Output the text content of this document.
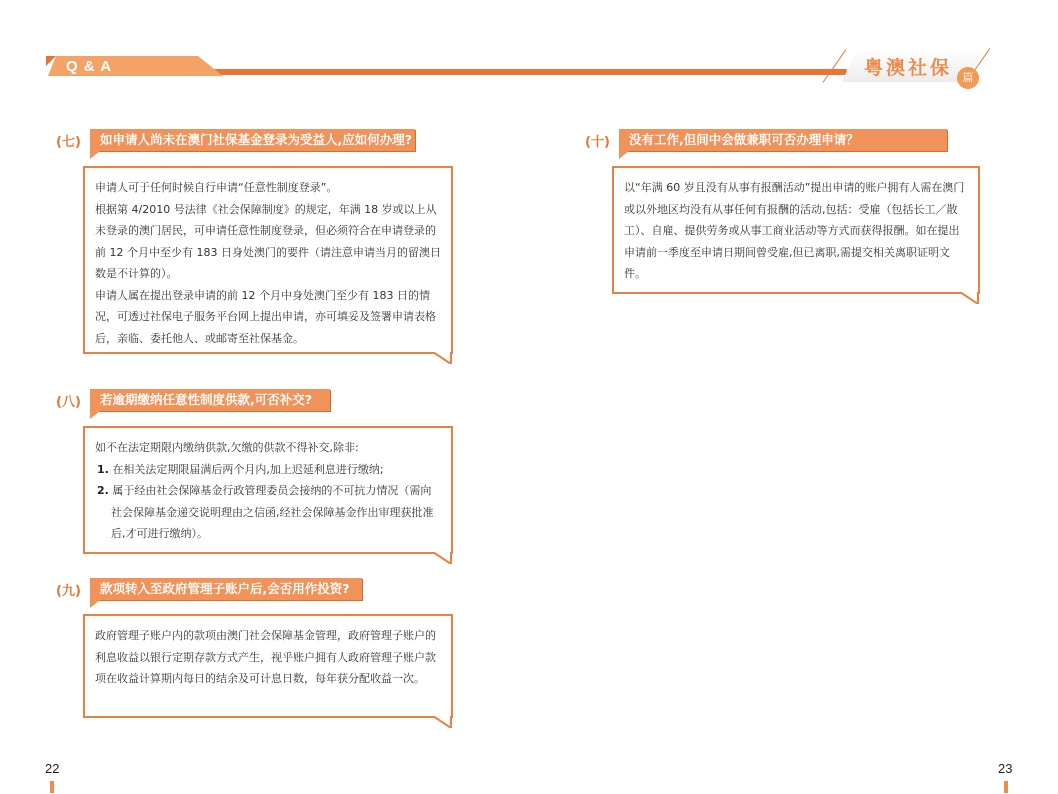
Q & A	粤澳社保 篇
(七)	如申请人尚未在澳门社保基金登录为受益人,应如何办理?

申请人可于任何时候自行申请“任意性制度登录”。

根据第 4/2010 号法律《社会保障制度》的规定，年满 18 岁或以上从未登录的澳门居民，可申请任意性制度登录，但必须符合在申请登录的前 12 个月中至少有 183 日身处澳门的要件（请注意申请当月的留澳日数是不计算的）。

申请人属在提出登录申请的前 12 个月中身处澳门至少有 183 日的情况，可透过社保电子服务平台网上提出申请，亦可填妥及签署申请表格后，亲临、委托他人、或邮寄至社保基金。

(八)	若逾期缴纳任意性制度供款,可否补交?

如不在法定期限内缴纳供款,欠缴的供款不得补交,除非:

1. 在相关法定期限届满后两个月内,加上迟延利息进行缴纳;

2. 属于经由社会保障基金行政管理委员会接纳的不可抗力情况（需向社会保障基金递交说明理由之信函,经社会保障基金作出审理获批准后,才可进行缴纳）。

(九)	款项转入至政府管理子账户后,会否用作投资?

政府管理子账户内的款项由澳门社会保障基金管理，政府管理子账户的利息收益以银行定期存款方式产生，视乎账户拥有人政府管理子账户款项在收益计算期内每日的结余及可计息日数，每年获分配收益一次。

(十)	没有工作,但间中会做兼职可否办理申请？

以“年满 60 岁且没有从事有报酬活动”提出申请的账户拥有人需在澳门或以外地区均没有从事任何有报酬的活动,包括：受雇（包括长工／散工）、自雇、提供劳务或从事工商业活动等方式而获得报酬。如在提出申请前一季度至申请日期间曾受雇,但已离职,需提交相关离职证明文件。

22	23
